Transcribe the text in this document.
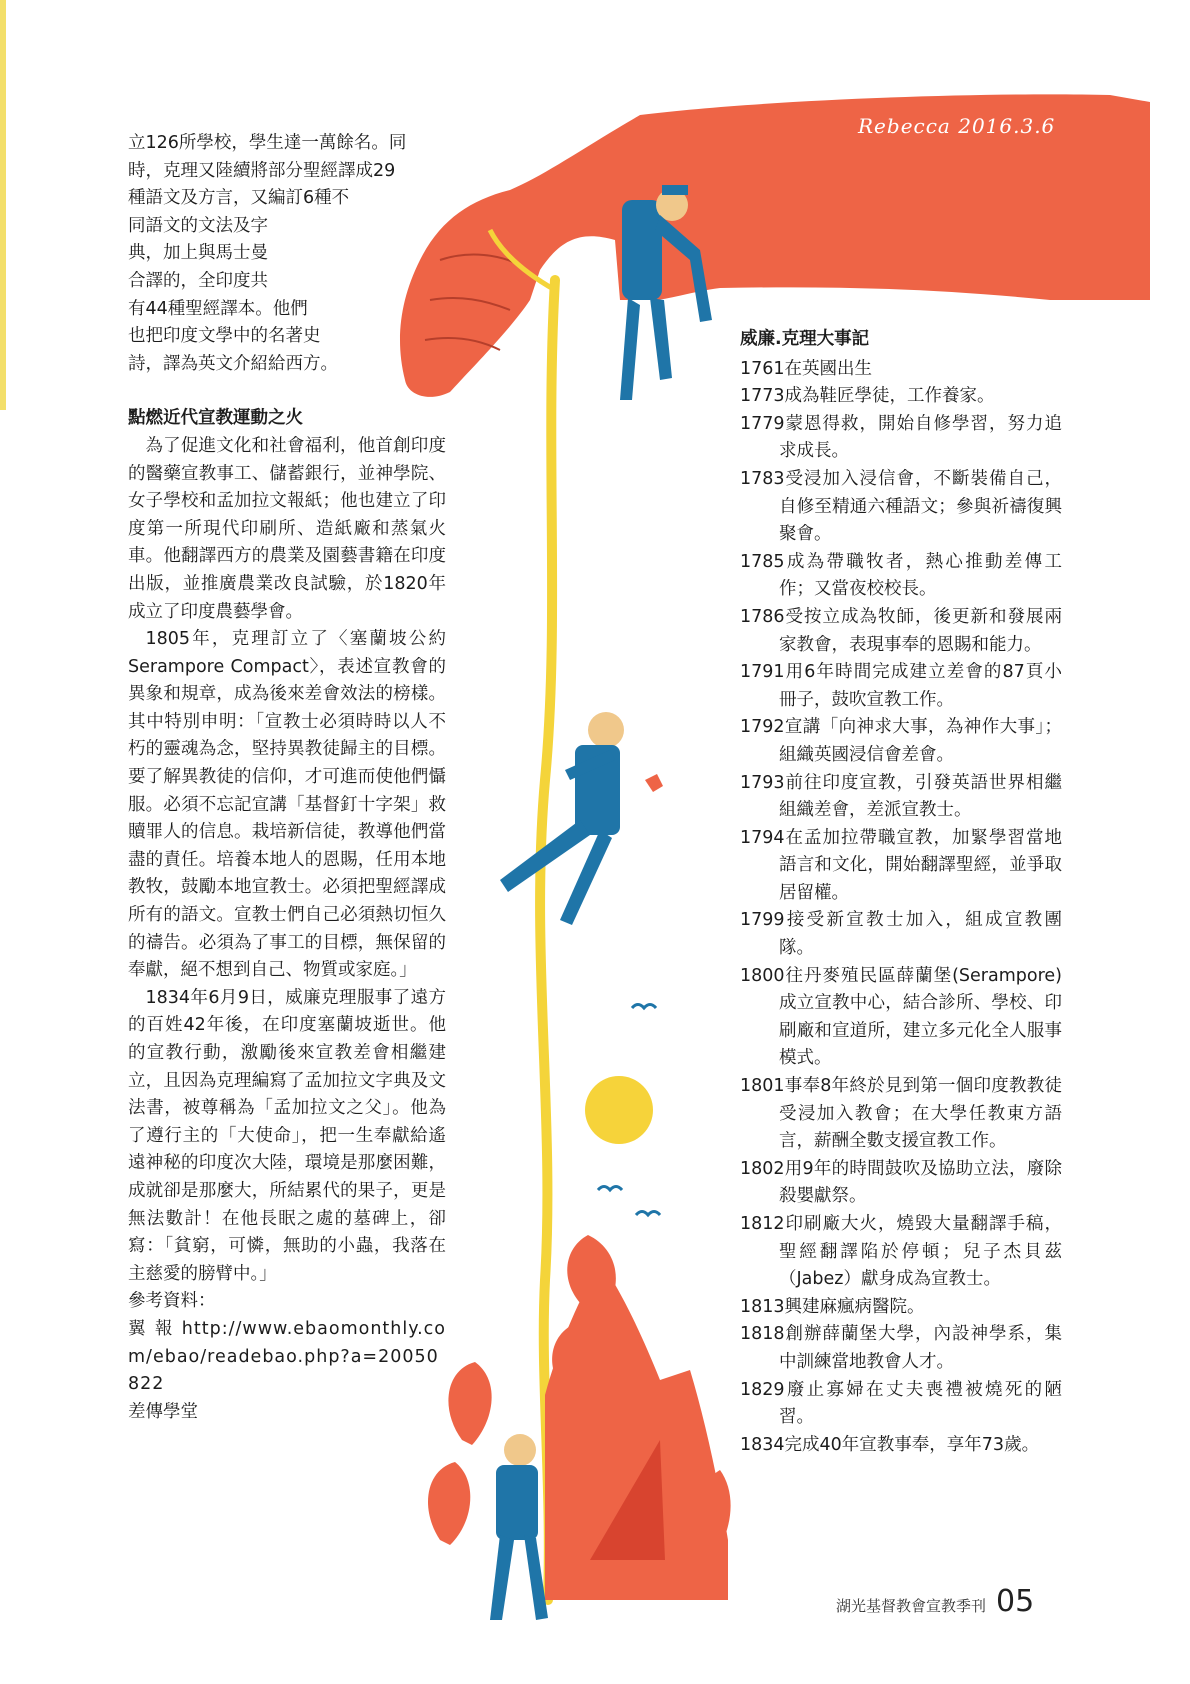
Rebecca 2016.3.6

立126所學校，學生達一萬餘名。同

時，克理又陸續將部分聖經譯成29

種語文及方言，又編訂6種不

同語文的文法及字

典，加上與馬士曼

合譯的，全印度共

有44種聖經譯本。他們

也把印度文學中的名著史

詩，譯為英文介紹給西方。

點燃近代宣教運動之火

為了促進文化和社會福利，他首創印度的醫藥宣教事工、儲蓄銀行，並神學院、女子學校和孟加拉文報紙；他也建立了印度第一所現代印刷所、造紙廠和蒸氣火車。他翻譯西方的農業及園藝書籍在印度出版，並推廣農業改良試驗，於1820年成立了印度農藝學會。

1805年，克理訂立了〈塞蘭坡公約 Serampore Compact〉，表述宣教會的異象和規章，成為後來差會效法的榜樣。其中特別申明：「宣教士必須時時以人不朽的靈魂為念，堅持異教徒歸主的目標。要了解異教徒的信仰，才可進而使他們懾服。必須不忘記宣講「基督釘十字架」救贖罪人的信息。栽培新信徒，教導他們當盡的責任。培養本地人的恩賜，任用本地教牧，鼓勵本地宣教士。必須把聖經譯成所有的語文。宣教士們自己必須熱切恒久的禱告。必須為了事工的目標，無保留的奉獻，絕不想到自己、物質或家庭。」

1834年6月9日，威廉克理服事了遠方的百姓42年後，在印度塞蘭坡逝世。他的宣教行動，激勵後來宣教差會相繼建立，且因為克理編寫了孟加拉文字典及文法書，被尊稱為「孟加拉文之父」。他為了遵行主的「大使命」，把一生奉獻給遙遠神秘的印度次大陸，環境是那麼困難，成就卻是那麼大，所結累代的果子，更是無法數計！在他長眠之處的墓碑上，卻寫：「貧窮，可憐，無助的小蟲，我落在主慈愛的膀臂中。」

參考資料：

翼報http://www.ebaomonthly.com/ebao/readebao.php?a=20050822

差傳學堂

威廉.克理大事記

1761在英國出生

1773成為鞋匠學徒，工作養家。

1779蒙恩得救，開始自修學習，努力追求成長。

1783受浸加入浸信會，不斷裝備自己，自修至精通六種語文；參與祈禱復興聚會。

1785成為帶職牧者，熱心推動差傳工作；又當夜校校長。

1786受按立成為牧師，後更新和發展兩家教會，表現事奉的恩賜和能力。

1791用6年時間完成建立差會的87頁小冊子，鼓吹宣教工作。

1792宣講「向神求大事，為神作大事」；組織英國浸信會差會。

1793前往印度宣教，引發英語世界相繼組織差會，差派宣教士。

1794在孟加拉帶職宣教，加緊學習當地語言和文化，開始翻譯聖經，並爭取居留權。

1799接受新宣教士加入，組成宣教團隊。

1800往丹麥殖民區薛蘭堡(Serampore)成立宣教中心，結合診所、學校、印刷廠和宣道所，建立多元化全人服事模式。

1801事奉8年終於見到第一個印度教教徒受浸加入教會；在大學任教東方語言，薪酬全數支援宣教工作。

1802用9年的時間鼓吹及協助立法，廢除殺嬰獻祭。

1812印刷廠大火，燒毀大量翻譯手稿，聖經翻譯陷於停頓；兒子杰貝茲（Jabez）獻身成為宣教士。

1813興建麻瘋病醫院。

1818創辦薛蘭堡大學，內設神學系，集中訓練當地教會人才。

1829廢止寡婦在丈夫喪禮被燒死的陋習。

1834完成40年宣教事奉，享年73歲。

湖光基督教會宣教季刊 05
